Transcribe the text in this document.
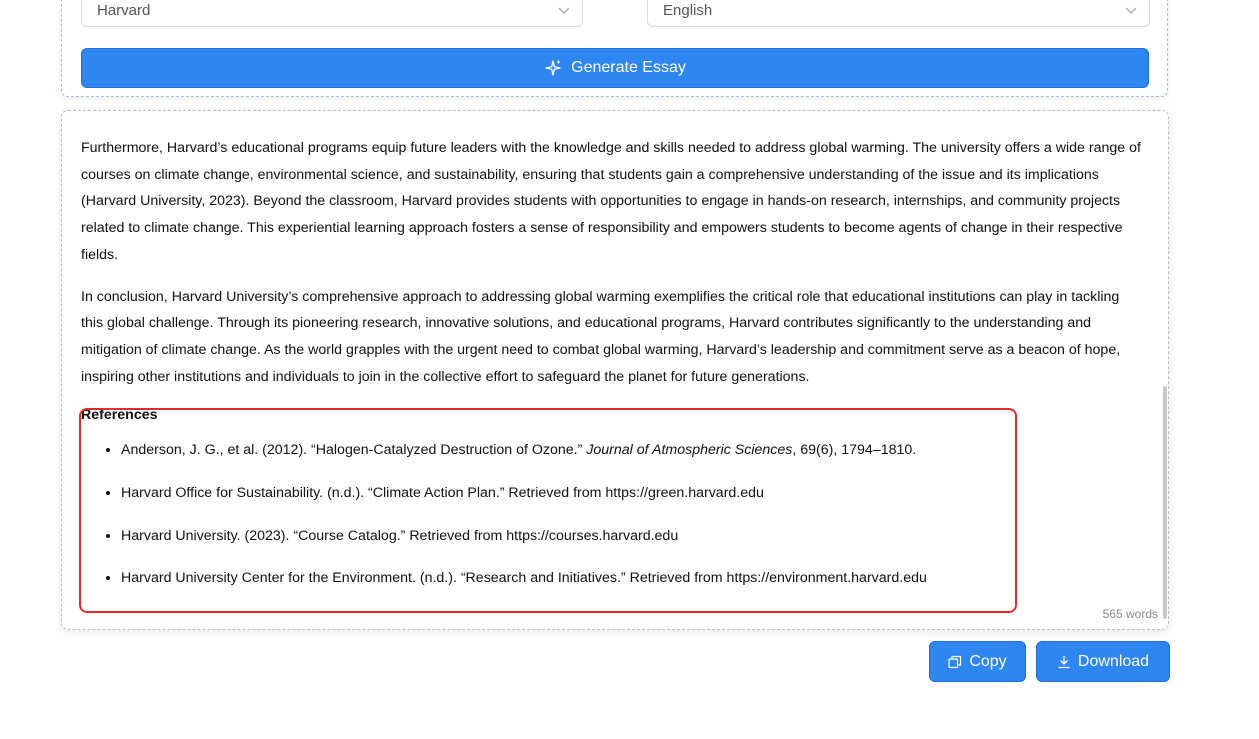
Harvard	English
Generate Essay

Furthermore, Harvard’s educational programs equip future leaders with the knowledge and skills needed to address global warming. The university offers a wide range of courses on climate change, environmental science, and sustainability, ensuring that students gain a comprehensive understanding of the issue and its implications (Harvard University, 2023). Beyond the classroom, Harvard provides students with opportunities to engage in hands-on research, internships, and community projects related to climate change. This experiential learning approach fosters a sense of responsibility and empowers students to become agents of change in their respective fields.

In conclusion, Harvard University’s comprehensive approach to addressing global warming exemplifies the critical role that educational institutions can play in tackling this global challenge. Through its pioneering research, innovative solutions, and educational programs, Harvard contributes significantly to the understanding and mitigation of climate change. As the world grapples with the urgent need to combat global warming, Harvard’s leadership and commitment serve as a beacon of hope, inspiring other institutions and individuals to join in the collective effort to safeguard the planet for future generations.

References

• Anderson, J. G., et al. (2012). “Halogen-Catalyzed Destruction of Ozone.” Journal of Atmospheric Sciences, 69(6), 1794–1810.
• Harvard Office for Sustainability. (n.d.). “Climate Action Plan.” Retrieved from https://green.harvard.edu
• Harvard University. (2023). “Course Catalog.” Retrieved from https://courses.harvard.edu
• Harvard University Center for the Environment. (n.d.). “Research and Initiatives.” Retrieved from https://environment.harvard.edu
565 words
Copy	Download
